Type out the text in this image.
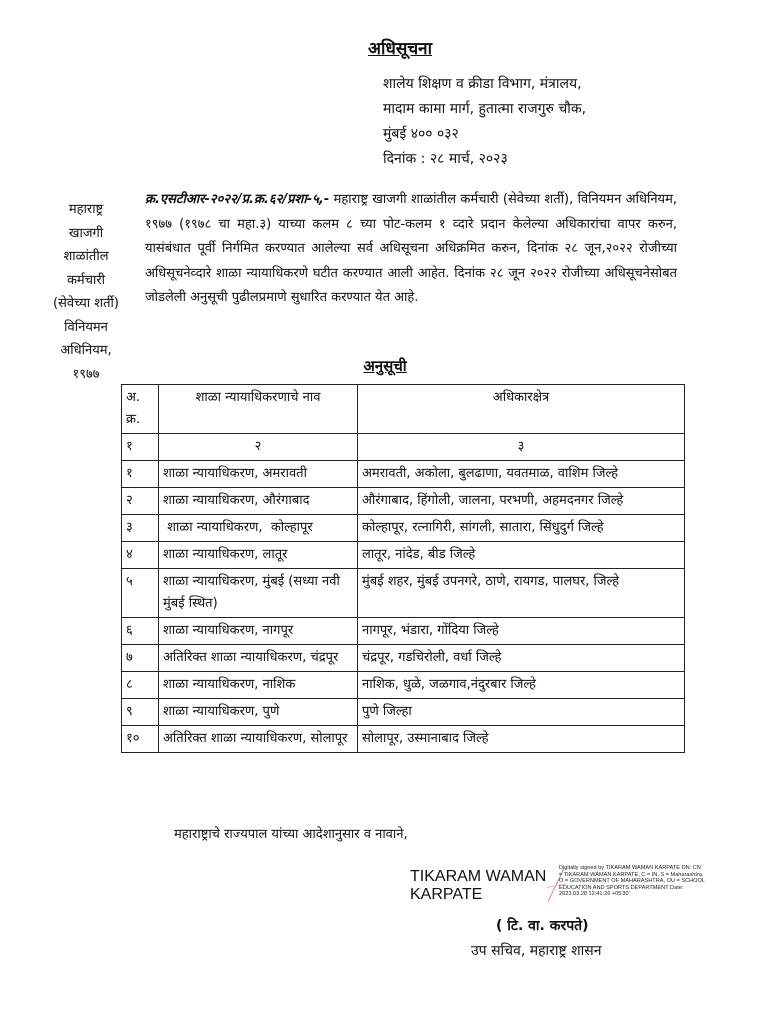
अधिसूचना
शालेय शिक्षण व क्रीडा विभाग, मंत्रालय,
मादाम कामा मार्ग, हुतात्मा राजगुरु चौक,
मुंबई ४०० ०३२
दिनांक : २८ मार्च, २०२३
महाराष्ट्र
खाजगी
शाळांतील
कर्मचारी
(सेवेच्या शर्ती)
विनियमन
अधिनियम,
१९७७
क्र.एसटीआर-२०२२/प्र.क्र.६२/प्रशा-५,- महाराष्ट्र खाजगी शाळांतील कर्मचारी (सेवेच्या शर्ती), विनियमन अधिनियम, १९७७ (१९७८ चा महा.३) याच्या कलम ८ च्या पोट-कलम १ व्दारे प्रदान केलेल्या अधिकारांचा वापर करुन, यासंबंधात पूर्वी निर्गमित करण्यात आलेल्या सर्व अधिसूचना अधिक्रमित करुन, दिनांक २८ जून,२०२२ रोजीच्या अधिसूचनेव्दारे शाळा न्यायाधिकरणे घटीत करण्यात आली आहेत. दिनांक २८ जून २०२२ रोजीच्या अधिसूचनेसोबत जोडलेली अनुसूची पुढीलप्रमाणे सुधारित करण्यात येत आहे.
अनुसूची
अ. क्र.	शाळा न्यायाधिकरणाचे नाव	अधिकारक्षेत्र
१	२	३
१	शाळा न्यायाधिकरण, अमरावती	अमरावती, अकोला, बुलढाणा, यवतमाळ, वाशिम जिल्हे
२	शाळा न्यायाधिकरण, औरंगाबाद	औरंगाबाद, हिंगोली, जालना, परभणी, अहमदनगर जिल्हे
३	शाळा न्यायाधिकरण,  कोल्हापूर	कोल्हापूर, रत्नागिरी, सांगली, सातारा, सिंधुदुर्ग जिल्हे
४	शाळा न्यायाधिकरण, लातूर	लातूर, नांदेड, बीड जिल्हे
५	शाळा न्यायाधिकरण, मुंबई (सध्या नवी मुंबई स्थित)	मुंबई शहर, मुंबई उपनगरे, ठाणे, रायगड, पालघर, जिल्हे
६	शाळा न्यायाधिकरण, नागपूर	नागपूर, भंडारा, गोंदिया जिल्हे
७	अतिरिक्त शाळा न्यायाधिकरण, चंद्रपूर	चंद्रपूर, गडचिरोली, वर्धा जिल्हे
८	शाळा न्यायाधिकरण, नाशिक	नाशिक, धुळे, जळगाव,नंदुरबार जिल्हे
९	शाळा न्यायाधिकरण, पुणे	पुणे जिल्हा
१०	अतिरिक्त शाळा न्यायाधिकरण, सोलापूर	सोलापूर, उस्मानाबाद जिल्हे
महाराष्ट्राचे राज्यपाल यांच्या आदेशानुसार व नावाने,
TIKARAM WAMAN
KARPATE
Digitally signed by TIKARAM WAMAN KARPATE DN: CN = TIKARAM WAMAN KARPATE, C = IN, S = Maharashtra, O = GOVERNMENT OF MAHARASHTRA, OU = SCHOOL EDUCATION AND SPORTS DEPARTMENT Date: 2023.03.28 12:41:26 +05'30'
( टि. वा. करपते)
उप सचिव, महाराष्ट्र शासन
